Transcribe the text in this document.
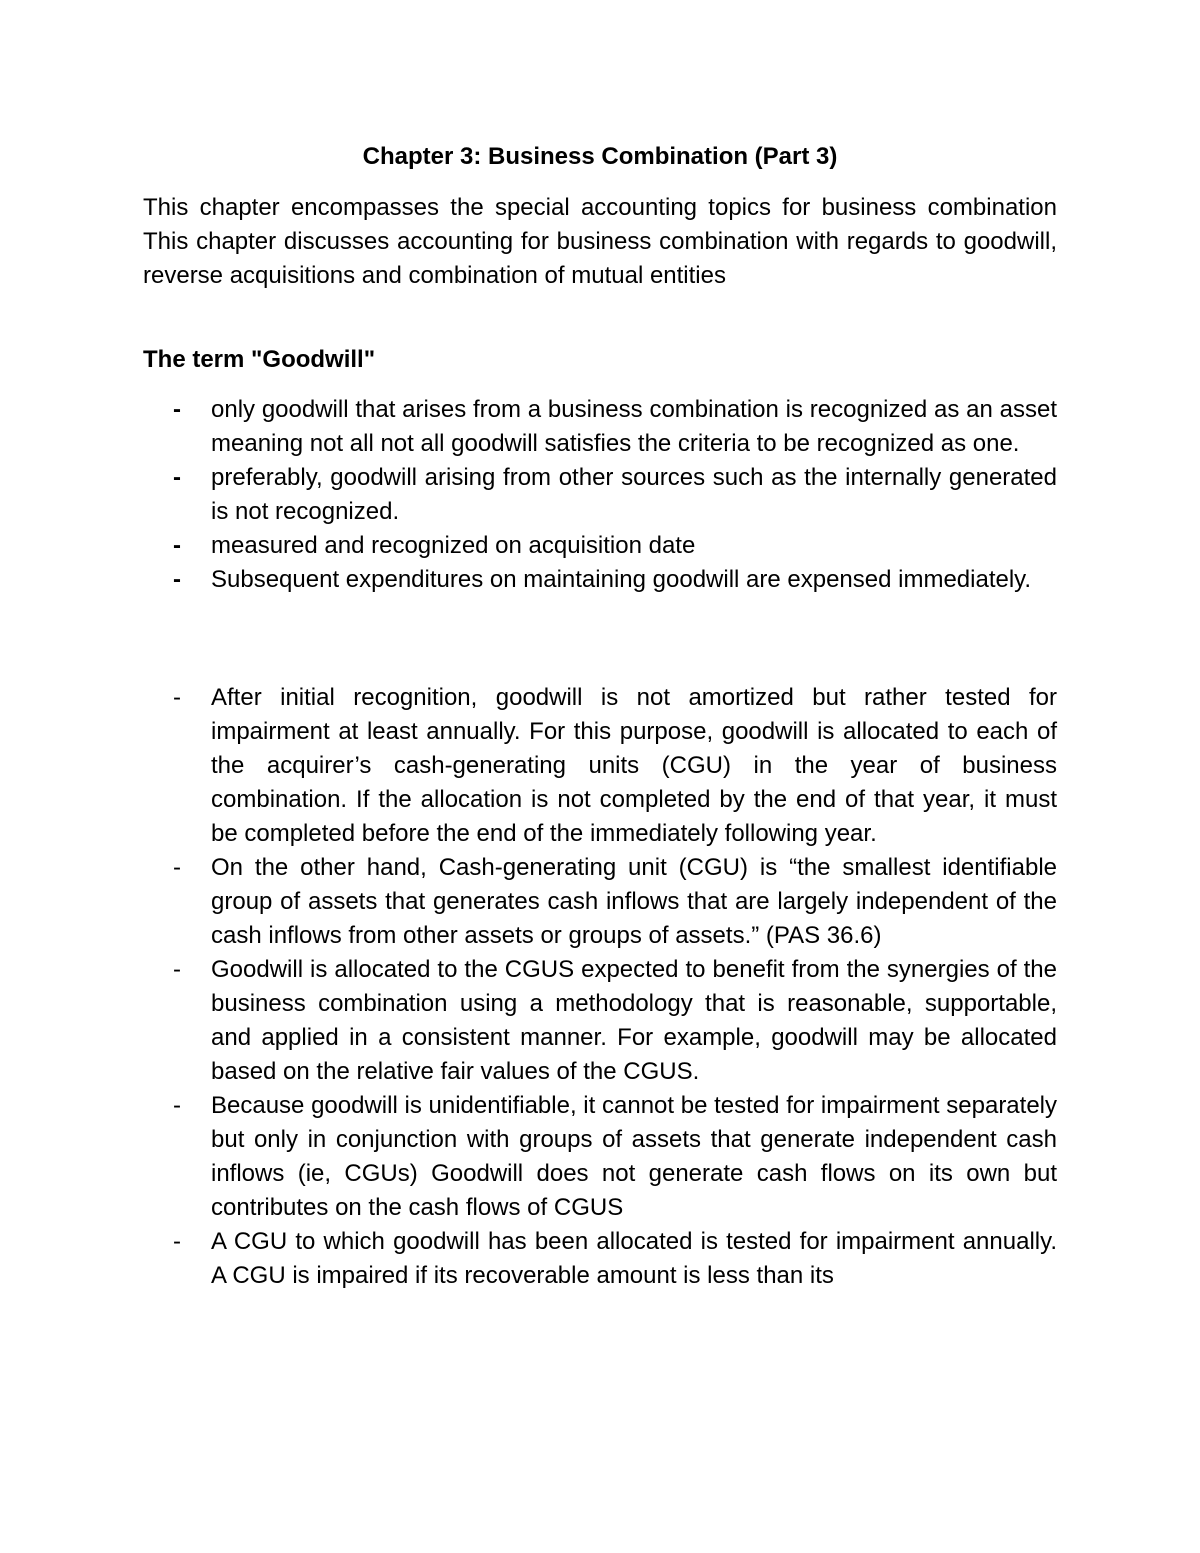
Chapter 3: Business Combination (Part 3)

This chapter encompasses the special accounting topics for business combination This chapter discusses accounting for business combination with regards to goodwill, reverse acquisitions and combination of mutual entities

The term "Goodwill"
-	only goodwill that arises from a business combination is recognized as an asset meaning not all not all goodwill satisfies the criteria to be recognized as one.
-	preferably, goodwill arising from other sources such as the internally generated is not recognized.
-	measured and recognized on acquisition date
-	Subsequent expenditures on maintaining goodwill are expensed immediately.
-	After initial recognition, goodwill is not amortized but rather tested for impairment at least annually. For this purpose, goodwill is allocated to each of the acquirer’s cash-generating units (CGU) in the year of business combination. If the allocation is not completed by the end of that year, it must be completed before the end of the immediately following year.
-	On the other hand, Cash-generating unit (CGU) is “the smallest identifiable group of assets that generates cash inflows that are largely independent of the cash inflows from other assets or groups of assets.” (PAS 36.6)
-	Goodwill is allocated to the CGUS expected to benefit from the synergies of the business combination using a methodology that is reasonable, supportable, and applied in a consistent manner. For example, goodwill may be allocated based on the relative fair values of the CGUS.
-	Because goodwill is unidentifiable, it cannot be tested for impairment separately but only in conjunction with groups of assets that generate independent cash inflows (ie, CGUs) Goodwill does not generate cash flows on its own but contributes on the cash flows of CGUS
-	A CGU to which goodwill has been allocated is tested for impairment annually. A CGU is impaired if its recoverable amount is less than its
